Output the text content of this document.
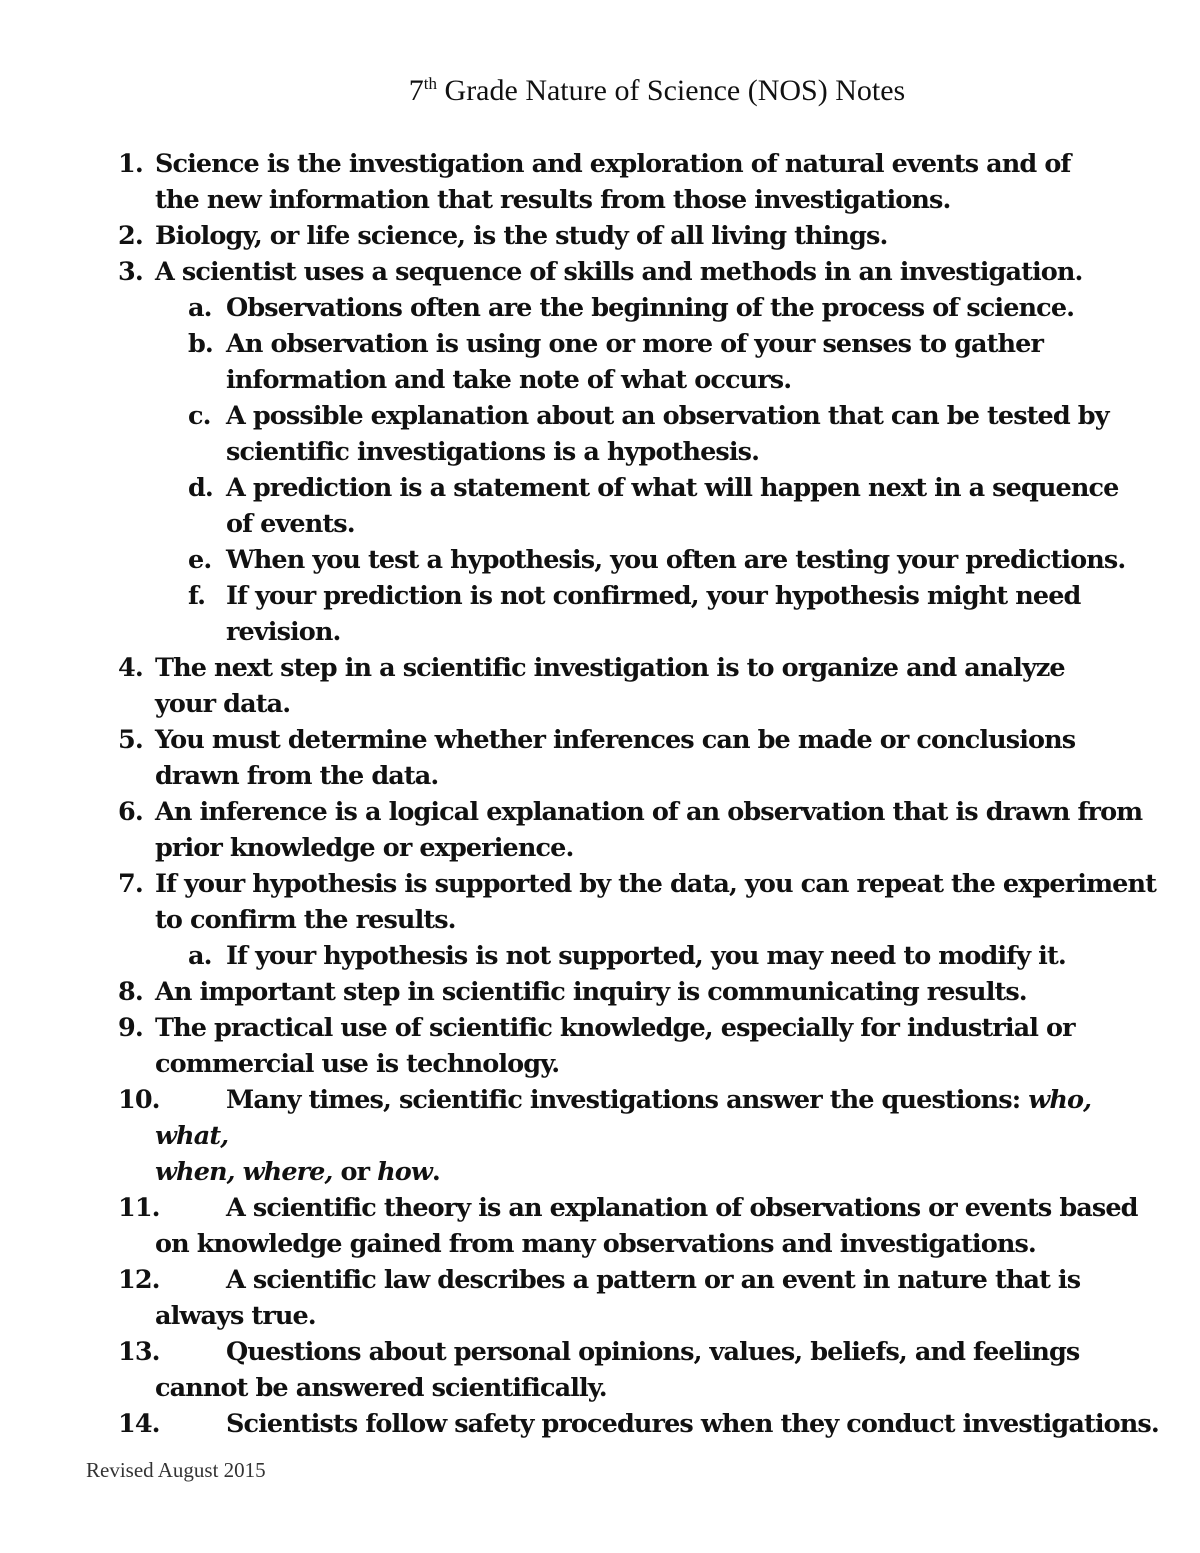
7th Grade Nature of Science (NOS) Notes
1. Science is the investigation and exploration of natural events and of the new information that results from those investigations.
2. Biology, or life science, is the study of all living things.
3. A scientist uses a sequence of skills and methods in an investigation.
a. Observations often are the beginning of the process of science.
b. An observation is using one or more of your senses to gather information and take note of what occurs.
c. A possible explanation about an observation that can be tested by scientific investigations is a hypothesis.
d. A prediction is a statement of what will happen next in a sequence of events.
e. When you test a hypothesis, you often are testing your predictions.
f. If your prediction is not confirmed, your hypothesis might need revision.
4. The next step in a scientific investigation is to organize and analyze your data.
5. You must determine whether inferences can be made or conclusions drawn from the data.
6. An inference is a logical explanation of an observation that is drawn from prior knowledge or experience.
7. If your hypothesis is supported by the data, you can repeat the experiment to confirm the results.
a. If your hypothesis is not supported, you may need to modify it.
8. An important step in scientific inquiry is communicating results.
9. The practical use of scientific knowledge, especially for industrial or commercial use is technology.
10.	Many times, scientific investigations answer the questions: who, what,
when, where, or how.
11.	A scientific theory is an explanation of observations or events based
on knowledge gained from many observations and investigations.
12.	A scientific law describes a pattern or an event in nature that is
always true.
13.	Questions about personal opinions, values, beliefs, and feelings
cannot be answered scientifically.
14.	Scientists follow safety procedures when they conduct investigations.
Revised August 2015
